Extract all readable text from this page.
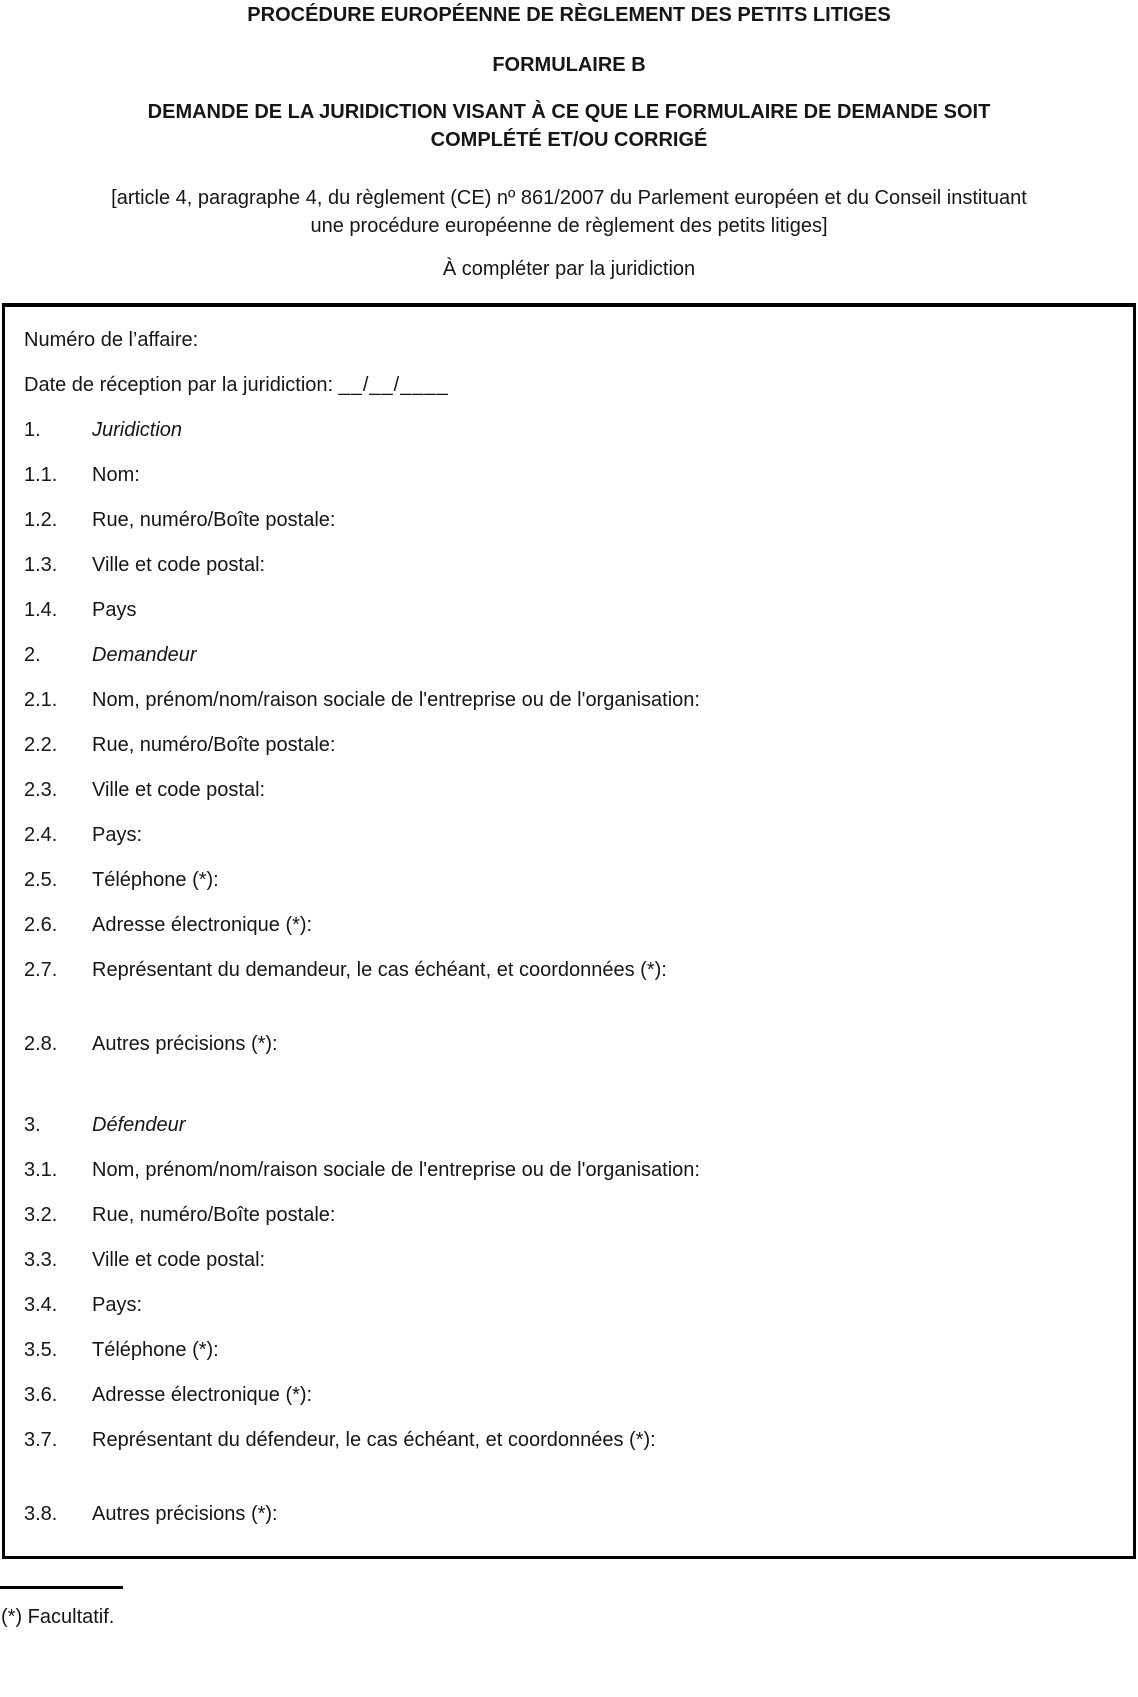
PROCÉDURE EUROPÉENNE DE RÈGLEMENT DES PETITS LITIGES

FORMULAIRE B

DEMANDE DE LA JURIDICTION VISANT À CE QUE LE FORMULAIRE DE DEMANDE SOIT
COMPLÉTÉ ET/OU CORRIGÉ
[article 4, paragraphe 4, du règlement (CE) nº 861/2007 du Parlement européen et du Conseil instituant
une procédure européenne de règlement des petits litiges]

À compléter par la juridiction

Numéro de l’affaire:
Date de réception par la juridiction: __/__/____
1.	Juridiction
1.1.	Nom:
1.2.	Rue, numéro/Boîte postale:
1.3.	Ville et code postal:
1.4.	Pays
2.	Demandeur
2.1.	Nom, prénom/nom/raison sociale de l'entreprise ou de l'organisation:
2.2.	Rue, numéro/Boîte postale:
2.3.	Ville et code postal:
2.4.	Pays:
2.5.	Téléphone (*):
2.6.	Adresse électronique (*):
2.7.	Représentant du demandeur, le cas échéant, et coordonnées (*):
2.8.	Autres précisions (*):
3.	Défendeur
3.1.	Nom, prénom/nom/raison sociale de l'entreprise ou de l'organisation:
3.2.	Rue, numéro/Boîte postale:
3.3.	Ville et code postal:
3.4.	Pays:
3.5.	Téléphone (*):
3.6.	Adresse électronique (*):
3.7.	Représentant du défendeur, le cas échéant, et coordonnées (*):
3.8.	Autres précisions (*):

(*) Facultatif.
